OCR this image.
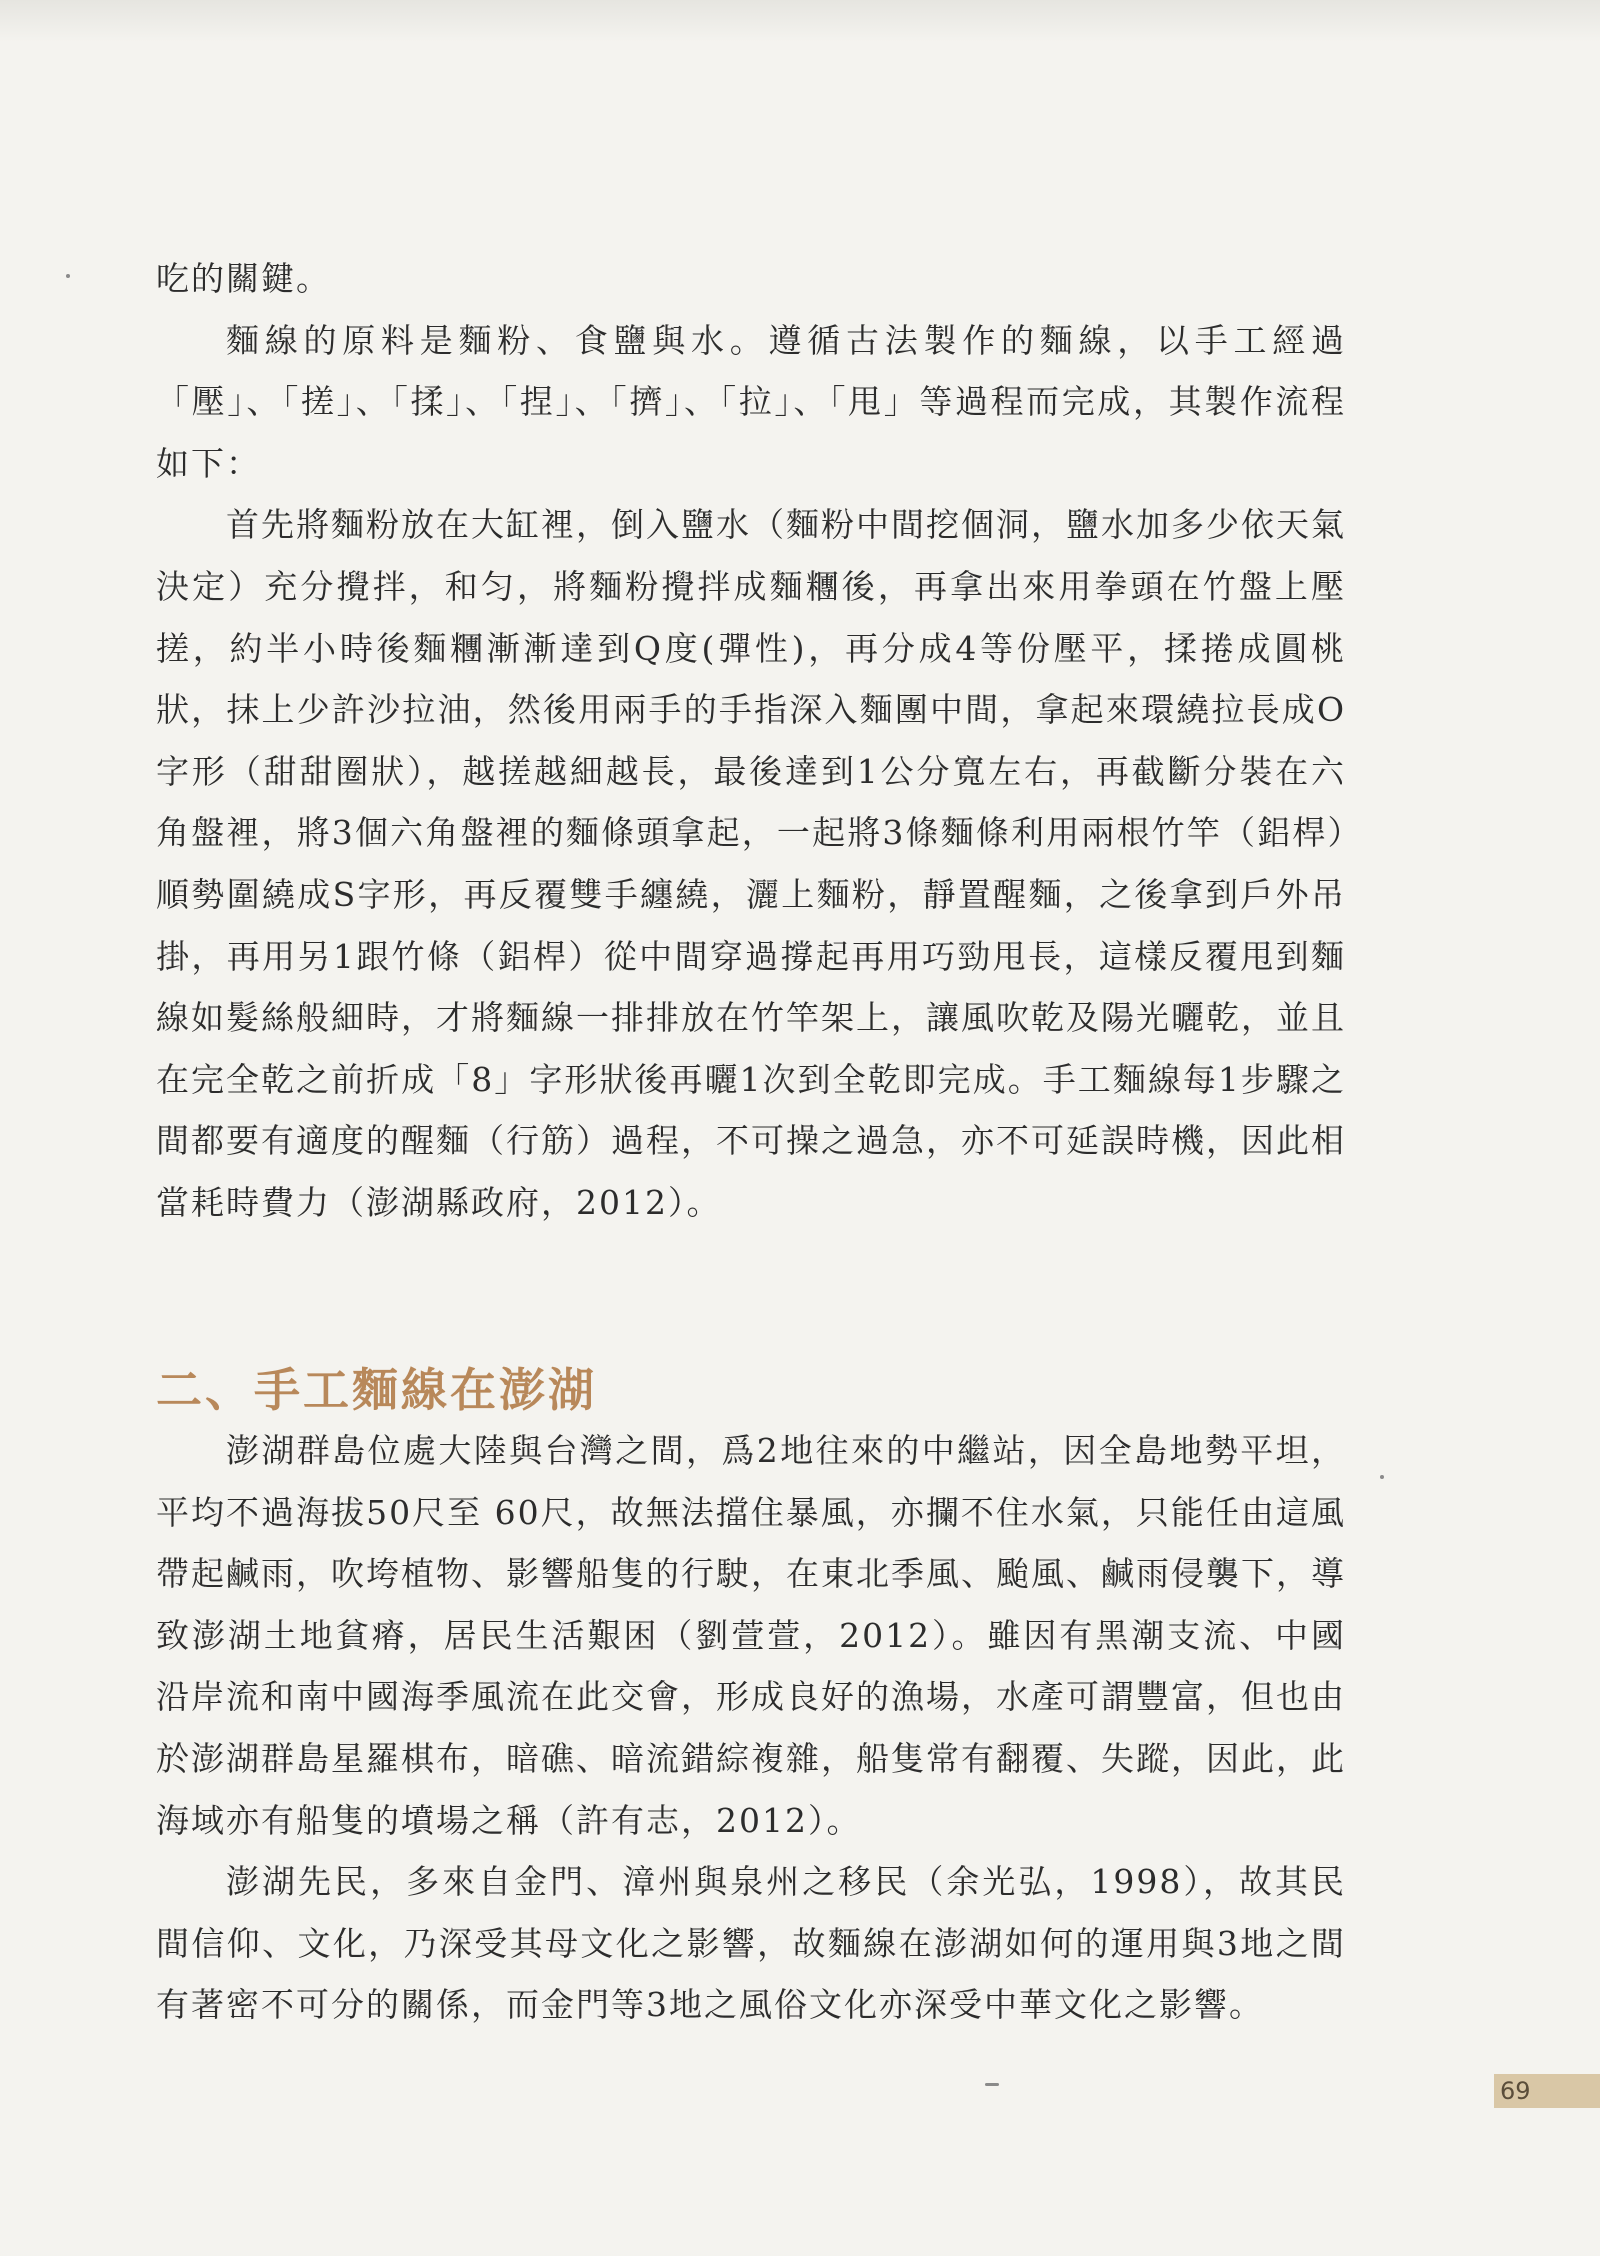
吃的關鍵。

麵線的原料是麵粉、食鹽與水。遵循古法製作的麵線，以手工經過「壓」、「搓」、「揉」、「捏」、「擠」、「拉」、「甩」等過程而完成，其製作流程如下：

首先將麵粉放在大缸裡，倒入鹽水（麵粉中間挖個洞，鹽水加多少依天氣決定）充分攪拌，和匀，將麵粉攪拌成麵糰後，再拿出來用拳頭在竹盤上壓搓，約半小時後麵糰漸漸達到Q度(彈性)，再分成4等份壓平，揉捲成圓桃狀，抹上少許沙拉油，然後用兩手的手指深入麵團中間，拿起來環繞拉長成O字形（甜甜圈狀），越搓越細越長，最後達到1公分寬左右，再截斷分裝在六角盤裡，將3個六角盤裡的麵條頭拿起，一起將3條麵條利用兩根竹竿（鋁桿）順勢圍繞成S字形，再反覆雙手纏繞，灑上麵粉，靜置醒麵，之後拿到戶外吊掛，再用另1跟竹條（鋁桿）從中間穿過撐起再用巧勁甩長，這樣反覆甩到麵線如髮絲般細時，才將麵線一排排放在竹竿架上，讓風吹乾及陽光曬乾，並且在完全乾之前折成「8」字形狀後再曬1次到全乾即完成。手工麵線每1步驟之間都要有適度的醒麵（行筋）過程，不可操之過急，亦不可延誤時機，因此相當耗時費力（澎湖縣政府，2012）。

二、手工麵線在澎湖

澎湖群島位處大陸與台灣之間，爲2地往來的中繼站，因全島地勢平坦，平均不過海拔50尺至 60尺，故無法擋住暴風，亦攔不住水氣，只能任由這風帶起鹹雨，吹垮植物、影響船隻的行駛，在東北季風、颱風、鹹雨侵襲下，導致澎湖土地貧瘠，居民生活艱困（劉萱萱，2012）。雖因有黑潮支流、中國沿岸流和南中國海季風流在此交會，形成良好的漁場，水產可謂豐富，但也由於澎湖群島星羅棋布，暗礁、暗流錯綜複雜，船隻常有翻覆、失蹤，因此，此海域亦有船隻的墳場之稱（許有志，2012）。

澎湖先民，多來自金門、漳州與泉州之移民（余光弘，1998），故其民間信仰、文化，乃深受其母文化之影響，故麵線在澎湖如何的運用與3地之間有著密不可分的關係，而金門等3地之風俗文化亦深受中華文化之影響。

69
